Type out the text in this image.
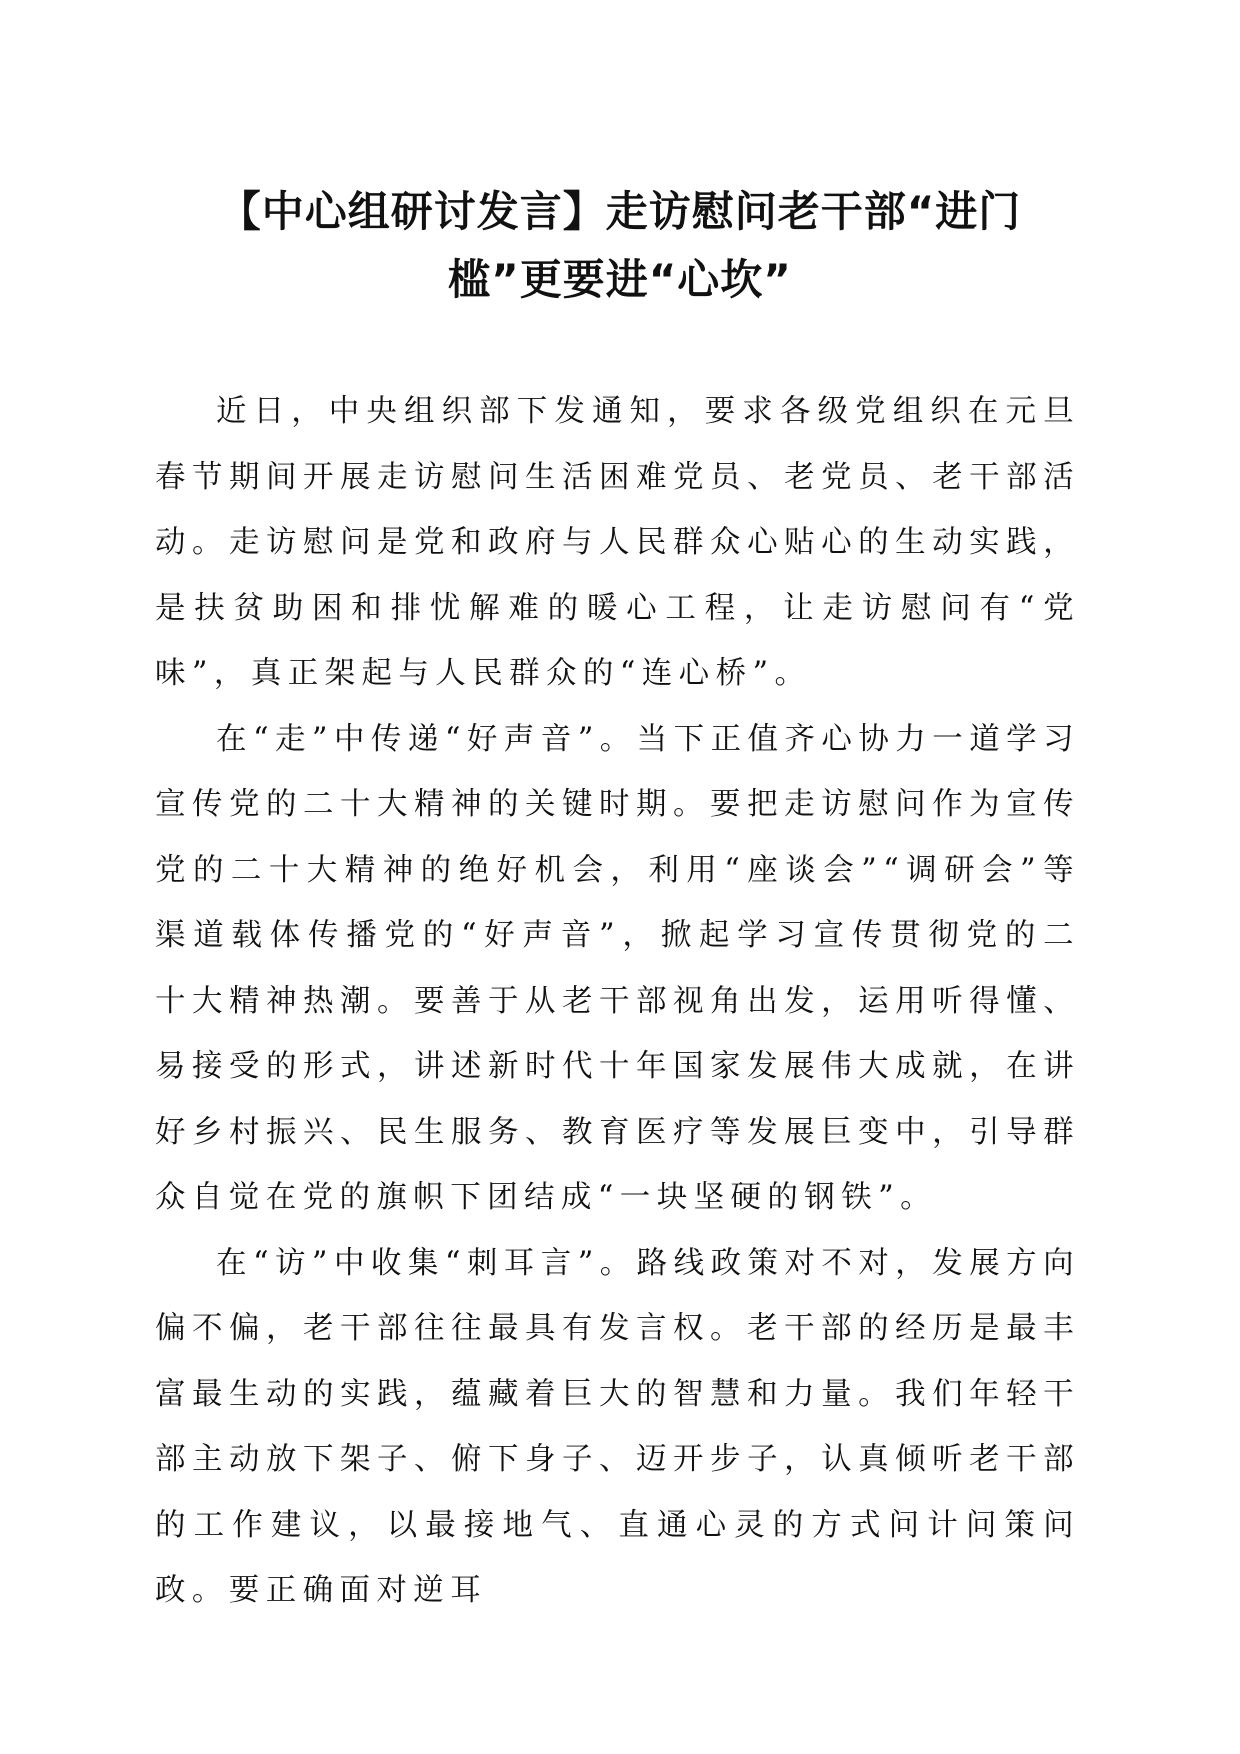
【中心组研讨发言】走访慰问老干部“进门
槛”更要进“心坎”

近日，中央组织部下发通知，要求各级党组织在元旦春节期间开展走访慰问生活困难党员、老党员、老干部活动。走访慰问是党和政府与人民群众心贴心的生动实践，是扶贫助困和排忧解难的暖心工程，让走访慰问有“党味”，真正架起与人民群众的“连心桥”。

在“走”中传递“好声音”。当下正值齐心协力一道学习宣传党的二十大精神的关键时期。要把走访慰问作为宣传党的二十大精神的绝好机会，利用“座谈会”“调研会”等渠道载体传播党的“好声音”，掀起学习宣传贯彻党的二十大精神热潮。要善于从老干部视角出发，运用听得懂、易接受的形式，讲述新时代十年国家发展伟大成就，在讲好乡村振兴、民生服务、教育医疗等发展巨变中，引导群众自觉在党的旗帜下团结成“一块坚硬的钢铁”。

在“访”中收集“刺耳言”。路线政策对不对，发展方向偏不偏，老干部往往最具有发言权。老干部的经历是最丰富最生动的实践，蕴藏着巨大的智慧和力量。我们年轻干部主动放下架子、俯下身子、迈开步子，认真倾听老干部的工作建议，以最接地气、直通心灵的方式问计问策问政。要正确面对逆耳
